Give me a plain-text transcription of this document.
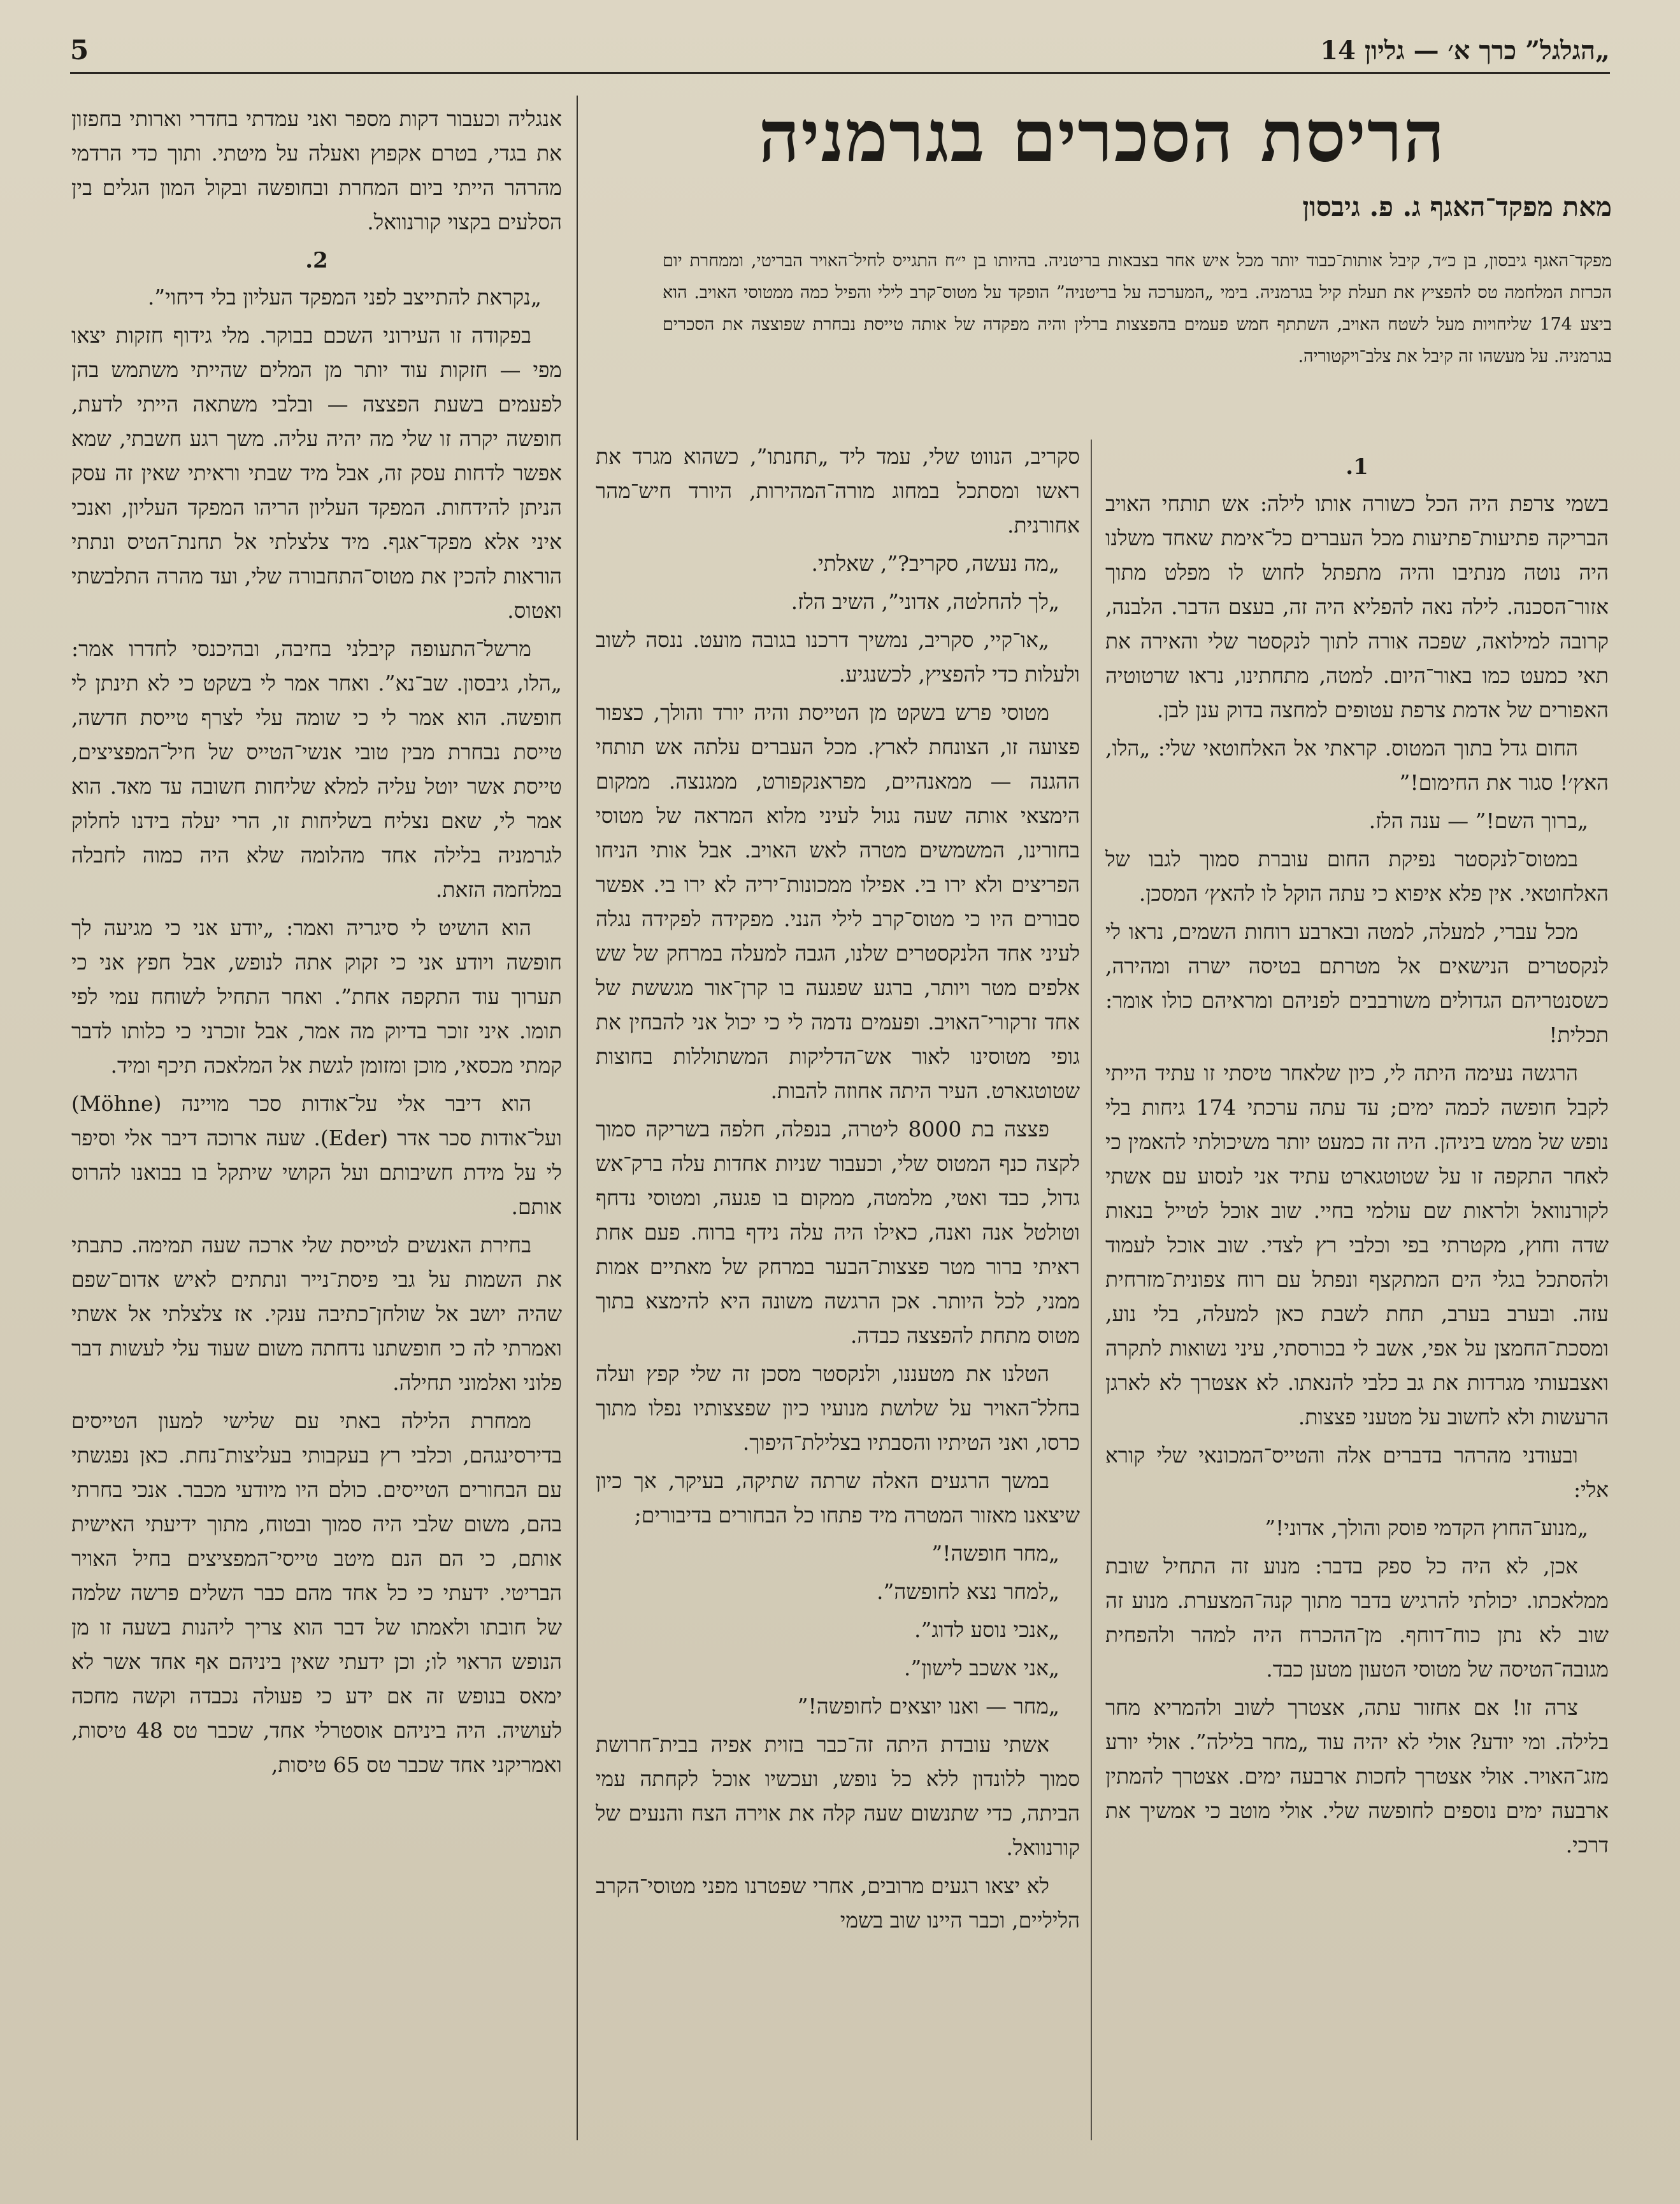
5	„הגלגל” כרך א׳ — גליון 14
הריסת הסכרים בגרמניה
מאת מפקד־האגף ג. פ. גיבסון

מפקד־האגף גיבסון, בן כ״ד, קיבל אותות־כבוד יותר מכל איש אחר בצבאות בריטניה. בהיותו בן י״ח התגייס לחיל־האויר הבריטי, וממחרת יום הכרזת המלחמה טס להפציץ את תעלת קיל בגרמניה. בימי „המערכה על בריטניה” הופקד על מטוס־קרב לילי והפיל כמה ממטוסי האויב. הוא ביצע 174 שליחויות מעל לשטח האויב, השתתף חמש פעמים בהפצצות ברלין והיה מפקדה של אותה טייסת נבחרת שפוצצה את הסכרים בגרמניה. על מעשהו זה קיבל את צלב־ויקטוריה.

1.

בשמי צרפת היה הכל כשורה אותו לילה: אש תותחי האויב הבריקה פתיעות־פתיעות מכל העברים כל־אימת שאחד משלנו היה נוטה מנתיבו והיה מתפתל לחוש לו מפלט מתוך אזור־הסכנה. לילה נאה להפליא היה זה, בעצם הדבר. הלבנה, קרובה למילואה, שפכה אורה לתוך לנקסטר שלי והאירה את תאי כמעט כמו באור־היום. למטה, מתחתינו, נראו שרטוטיה האפורים של אדמת צרפת עטופים למחצה בדוק ענן לבן.

החום גדל בתוך המטוס. קראתי אל האלחוטאי שלי: „הלו, האץ׳! סגור את החימום!”

„ברוך השם!” — ענה הלז.

במטוס־לנקסטר נפיקת החום עוברת סמוך לגבו של האלחוטאי. אין פלא איפוא כי עתה הוקל לו להאץ׳ המסכן.

מכל עברי, למעלה, למטה ובארבע רוחות השמים, נראו לי לנקסטרים הנישאים אל מטרתם בטיסה ישרה ומהירה, כשסנטריהם הגדולים משורבבים לפניהם ומראיהם כולו אומר: תכלית!

הרגשה נעימה היתה לי, כיון שלאחר טיסתי זו עתיד הייתי לקבל חופשה לכמה ימים; עד עתה ערכתי 174 גיחות בלי נופש של ממש ביניהן. היה זה כמעט יותר משיכולתי להאמין כי לאחר התקפה זו על שטוטגארט עתיד אני לנסוע עם אשתי לקורנוואל ולראות שם עולמי בחיי. שוב אוכל לטייל בנאות שדה וחוץ, מקטרתי בפי וכלבי רץ לצדי. שוב אוכל לעמוד ולהסתכל בגלי הים המתקצף ונפתל עם רוח צפונית־מזרחית עזה. ובערב בערב, תחת לשבת כאן למעלה, בלי נוע, ומסכת־החמצן על אפי, אשב לי בכורסתי, עיני נשואות לתקרה ואצבעותי מגרדות את גב כלבי להנאתו. לא אצטרך לא לארגן הרעשות ולא לחשוב על מטעני פצצות.

ובעודני מהרהר בדברים אלה והטייס־המכונאי שלי קורא אלי:

„מנוע־החוץ הקדמי פוסק והולך, אדוני!”

אכן, לא היה כל ספק בדבר: מנוע זה התחיל שובת ממלאכתו. יכולתי להרגיש בדבר מתוך קנה־המצערת. מנוע זה שוב לא נתן כוח־דוחף. מן־ההכרח היה למהר ולהפחית מגובה־הטיסה של מטוסי הטעון מטען כבד.

צרה זו! אם אחזור עתה, אצטרך לשוב ולהמריא מחר בלילה. ומי יודע? אולי לא יהיה עוד „מחר בלילה”. אולי יורע מזג־האויר. אולי אצטרך לחכות ארבעה ימים. אצטרך להמתין ארבעה ימים נוספים לחופשה שלי. אולי מוטב כי אמשיך את דרכי.

סקריב, הנווט שלי, עמד ליד „תחנתו”, כשהוא מגרד את ראשו ומסתכל במחוג מורה־המהירות, היורד חיש־מהר אחורנית.

„מה נעשה, סקריב?”, שאלתי.

„לך להחלטה, אדוני”, השיב הלז.

„או־קיי, סקריב, נמשיך דרכנו בגובה מועט. ננסה לשוב ולעלות כדי להפציץ, לכשנגיע.

מטוסי פרש בשקט מן הטייסת והיה יורד והולך, כצפור פצועה זו, הצונחת לארץ. מכל העברים עלתה אש תותחי ההגנה — ממאנהיים, מפראנקפורט, ממגנצה. ממקום הימצאי אותה שעה נגול לעיני מלוא המראה של מטוסי בחורינו, המשמשים מטרה לאש האויב. אבל אותי הניחו הפריצים ולא ירו בי. אפילו ממכונות־יריה לא ירו בי. אפשר סבורים היו כי מטוס־קרב לילי הנני. מפקידה לפקידה נגלה לעיני אחד הלנקסטרים שלנו, הגבה למעלה במרחק של שש אלפים מטר ויותר, ברגע שפגעה בו קרן־אור מגששת של אחד זרקורי־האויב. ופעמים נדמה לי כי יכול אני להבחין את גופי מטוסינו לאור אש־הדליקות המשתוללות בחוצות שטוטגארט. העיר היתה אחוזה להבות.

פצצה בת 8000 ליטרה, בנפלה, חלפה בשריקה סמוך לקצה כנף המטוס שלי, וכעבור שניות אחדות עלה ברק־אש גדול, כבד ואטי, מלמטה, ממקום בו פגעה, ומטוסי נדחף וטולטל אנה ואנה, כאילו היה עלה נידף ברוח. פעם אחת ראיתי ברור מטר פצצות־הבער במרחק של מאתיים אמות ממני, לכל היותר. אכן הרגשה משונה היא להימצא בתוך מטוס מתחת להפצצה כבדה.

הטלנו את מטעננו, ולנקסטר מסכן זה שלי קפץ ועלה בחלל־האויר על שלושת מנועיו כיון שפצצותיו נפלו מתוך כרסו, ואני הטיתיו והסבתיו בצלילת־היפוך.

במשך הרגעים האלה שרתה שתיקה, בעיקר, אך כיון שיצאנו מאזור המטרה מיד פתחו כל הבחורים בדיבורים;

„מחר חופשה!”

„למחר נצא לחופשה”.

„אנכי נוסע לדוג”.

„אני אשכב לישון”.

„מחר — ואנו יוצאים לחופשה!”

אשתי עובדת היתה זה־כבר בזוית אפיה בבית־חרושת סמוך ללונדון ללא כל נופש, ועכשיו אוכל לקחתה עמי הביתה, כדי שתנשום שעה קלה את אוירה הצח והנעים של קורנוואל.

לא יצאו רגעים מרובים, אחרי שפטרנו מפני מטוסי־הקרב הליליים, וכבר היינו שוב בשמי

אנגליה וכעבור דקות מספר ואני עמדתי בחדרי וארותי בחפזון את בגדי, בטרם אקפוץ ואעלה על מיטתי. ותוך כדי הרדמי מהרהר הייתי ביום המחרת ובחופשה ובקול המון הגלים בין הסלעים בקצוי קורנוואל.

2.

„נקראת להתייצב לפני המפקד העליון בלי דיחוי”.

בפקודה זו העירוני השכם בבוקר. מלי גידוף חזקות יצאו מפי — חזקות עוד יותר מן המלים שהייתי משתמש בהן לפעמים בשעת הפצצה — ובלבי משתאה הייתי לדעת, חופשה יקרה זו שלי מה יהיה עליה. משך רגע חשבתי, שמא אפשר לדחות עסק זה, אבל מיד שבתי וראיתי שאין זה עסק הניתן להידחות. המפקד העליון הריהו המפקד העליון, ואנכי איני אלא מפקד־אגף. מיד צלצלתי אל תחנת־הטיס ונתתי הוראות להכין את מטוס־התחבורה שלי, ועד מהרה התלבשתי ואטוס.

מרשל־התעופה קיבלני בחיבה, ובהיכנסי לחדרו אמר: „הלו, גיבסון. שב־נא”. ואחר אמר לי בשקט כי לא תינתן לי חופשה. הוא אמר לי כי שומה עלי לצרף טייסת חדשה, טייסת נבחרת מבין טובי אנשי־הטייס של חיל־המפציצים, טייסת אשר יוטל עליה למלא שליחות חשובה עד מאד. הוא אמר לי, שאם נצליח בשליחות זו, הרי יעלה בידנו לחלוק לגרמניה בלילה אחד מהלומה שלא היה כמוה לחבלה במלחמה הזאת.

הוא הושיט לי סיגריה ואמר: „יודע אני כי מגיעה לך חופשה ויודע אני כי זקוק אתה לנופש, אבל חפץ אני כי תערוך עוד התקפה אחת”. ואחר התחיל לשוחח עמי לפי תומו. איני זוכר בדיוק מה אמר, אבל זוכרני כי כלותו לדבר קמתי מכסאי, מוכן ומזומן לגשת אל המלאכה תיכף ומיד.

הוא דיבר אלי על־אודות סכר מויינה (Möhne) ועל־אודות סכר אדר (Eder). שעה ארוכה דיבר אלי וסיפר לי על מידת חשיבותם ועל הקושי שיתקל בו בבואנו להרוס אותם.

בחירת האנשים לטייסת שלי ארכה שעה תמימה. כתבתי את השמות על גבי פיסת־נייר ונתתים לאיש אדום־שפם שהיה יושב אל שולחן־כתיבה ענקי. אז צלצלתי אל אשתי ואמרתי לה כי חופשתנו נדחתה משום שעוד עלי לעשות דבר פלוני ואלמוני תחילה.

ממחרת הלילה באתי עם שלישי למעון הטייסים בדירסינגהם, וכלבי רץ בעקבותי בעליצות־נחת. כאן נפגשתי עם הבחורים הטייסים. כולם היו מיודעי מכבר. אנכי בחרתי בהם, משום שלבי היה סמוך ובטוח, מתוך ידיעתי האישית אותם, כי הם הנם מיטב טייסי־המפציצים בחיל האויר הבריטי. ידעתי כי כל אחד מהם כבר השלים פרשה שלמה של חובתו ולאמתו של דבר הוא צריך ליהנות בשעה זו מן הנופש הראוי לו; וכן ידעתי שאין ביניהם אף אחד אשר לא ימאס בנופש זה אם ידע כי פעולה נכבדה וקשה מחכה לעושיה. היה ביניהם אוסטרלי אחד, שכבר טס 48 טיסות, ואמריקני אחד שכבר טס 65 טיסות,
